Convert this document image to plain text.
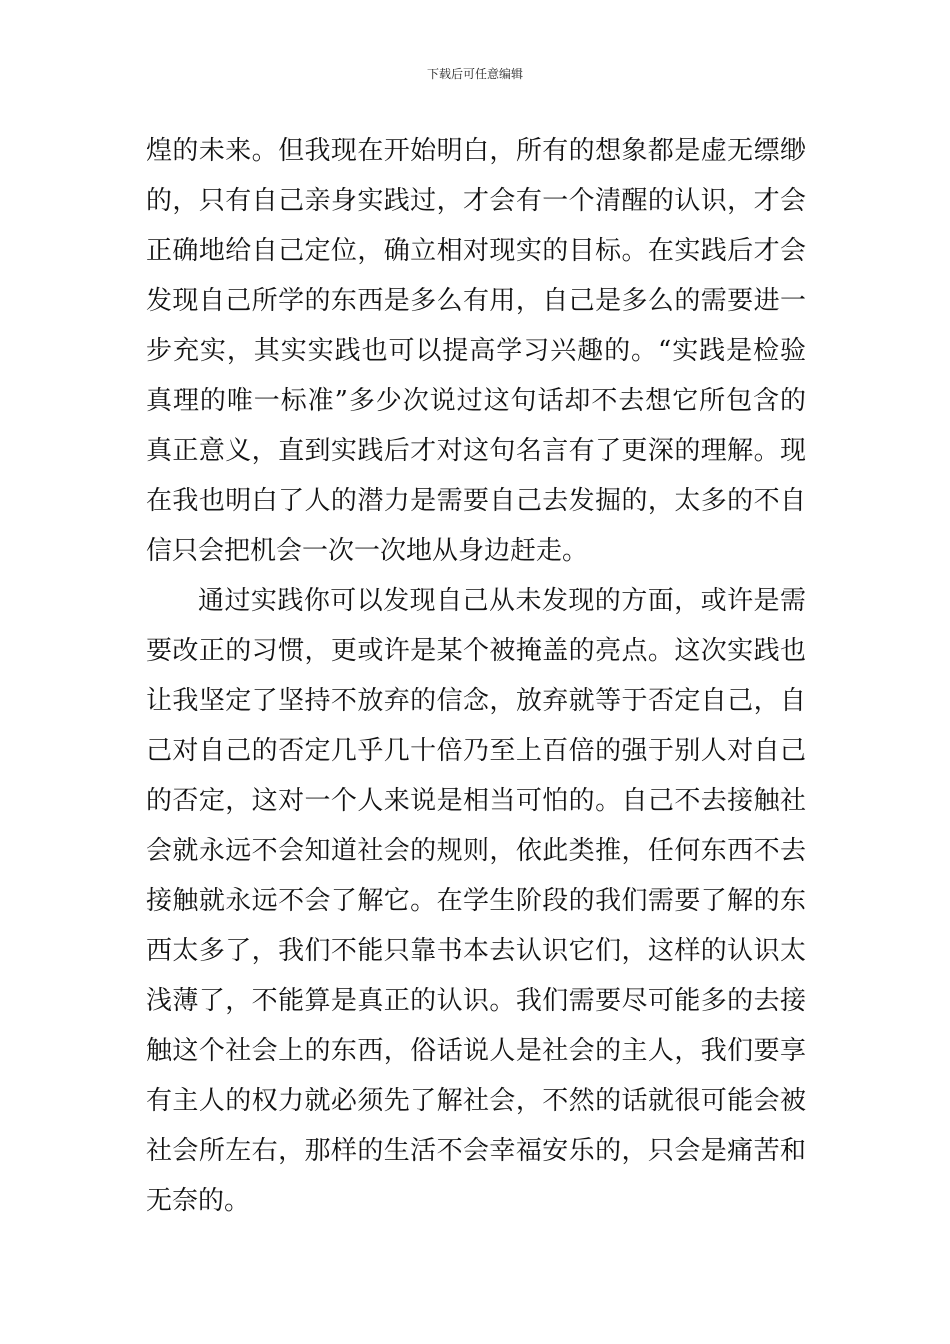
下载后可任意编辑
煌的未来。但我现在开始明白，所有的想象都是虚无缥缈
的，只有自己亲身实践过，才会有一个清醒的认识，才会
正确地给自己定位，确立相对现实的目标。在实践后才会
发现自己所学的东西是多么有用，自己是多么的需要进一
步充实，其实实践也可以提高学习兴趣的。“实践是检验
真理的唯一标准”多少次说过这句话却不去想它所包含的
真正意义，直到实践后才对这句名言有了更深的理解。现
在我也明白了人的潜力是需要自己去发掘的，太多的不自
信只会把机会一次一次地从身边赶走。
通过实践你可以发现自己从未发现的方面，或许是需
要改正的习惯，更或许是某个被掩盖的亮点。这次实践也
让我坚定了坚持不放弃的信念，放弃就等于否定自己，自
己对自己的否定几乎几十倍乃至上百倍的强于别人对自己
的否定，这对一个人来说是相当可怕的。自己不去接触社
会就永远不会知道社会的规则，依此类推，任何东西不去
接触就永远不会了解它。在学生阶段的我们需要了解的东
西太多了，我们不能只靠书本去认识它们，这样的认识太
浅薄了，不能算是真正的认识。我们需要尽可能多的去接
触这个社会上的东西，俗话说人是社会的主人，我们要享
有主人的权力就必须先了解社会，不然的话就很可能会被
社会所左右，那样的生活不会幸福安乐的，只会是痛苦和
无奈的。
